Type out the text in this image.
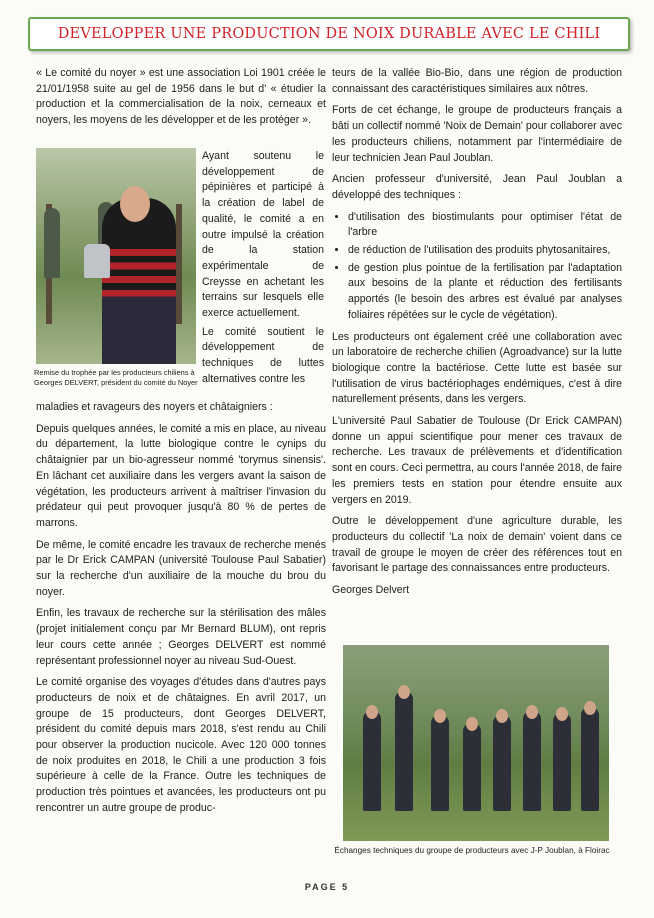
DEVELOPPER UNE PRODUCTION DE NOIX DURABLE AVEC LE CHILI

« Le comité du noyer » est une association Loi 1901 créée le 21/01/1958 suite au gel de 1956 dans le but d' « étudier la production et la commercialisation de la noix, cerneaux et noyers, les moyens de les développer et de les protéger ».

Remise du trophée par les producteurs chiliens à Georges DELVERT, président du comité du Noyer

Ayant soutenu le développement de pépinières et participé à la création de label de qualité, le comité a en outre impulsé la création de la station expérimentale de Creysse en achetant les terrains sur lesquels elle exerce actuellement.

Le comité soutient le développement de techniques de luttes alternatives contre les

maladies et ravageurs des noyers et châtaigniers :

Depuis quelques années, le comité a mis en place, au niveau du département, la lutte biologique contre le cynips du châtaignier par un bio-agresseur nommé 'torymus sinensis'. En lâchant cet auxiliaire dans les vergers avant la saison de végétation, les producteurs arrivent à maîtriser l'invasion du prédateur qui peut provoquer jusqu'à 80 % de pertes de marrons.

De même, le comité encadre les travaux de recherche menés par le Dr Erick CAMPAN (université Toulouse Paul Sabatier) sur la recherche d'un auxiliaire de la mouche du brou du noyer.

Enfin, les travaux de recherche sur la stérilisation des mâles (projet initialement conçu par Mr Bernard BLUM), ont repris leur cours cette année ; Georges DELVERT est nommé représentant professionnel noyer au niveau Sud-Ouest.

Le comité organise des voyages d'études dans d'autres pays producteurs de noix et de châtaignes. En avril 2017, un groupe de 15 producteurs, dont Georges DELVERT, président du comité depuis mars 2018, s'est rendu au Chili pour observer la production nucicole. Avec 120 000 tonnes de noix produites en 2018, le Chili a une production 3 fois supérieure à celle de la France. Outre les techniques de production très pointues et avancées, les producteurs ont pu rencontrer un autre groupe de produc-

teurs de la vallée Bio-Bio, dans une région de production connaissant des caractéristiques similaires aux nôtres.

Forts de cet échange, le groupe de producteurs français a bâti un collectif nommé 'Noix de Demain' pour collaborer avec les producteurs chiliens, notamment par l'intermédiaire de leur technicien Jean Paul Joublan.

Ancien professeur d'université, Jean Paul Joublan a développé des techniques :

• d'utilisation des biostimulants pour optimiser l'état de l'arbre
• de réduction de l'utilisation des produits phytosanitaires,
• de gestion plus pointue de la fertilisation par l'adaptation aux besoins de la plante et réduction des fertilisants apportés (le besoin des arbres est évalué par analyses foliaires répétées sur le cycle de végétation).

Les producteurs ont également créé une collaboration avec un laboratoire de recherche chilien (Agroadvance) sur la lutte biologique contre la bactériose. Cette lutte est basée sur l'utilisation de virus bactériophages endémiques, c'est à dire naturellement présents, dans les vergers.

L'université Paul Sabatier de Toulouse (Dr Erick CAMPAN) donne un appui scientifique pour mener ces travaux de recherche. Les travaux de prélèvements et d'identification sont en cours. Ceci permettra, au cours l'année 2018, de faire les premiers tests en station pour étendre ensuite aux vergers en 2019.

Outre le développement d'une agriculture durable, les producteurs du collectif 'La noix de demain' voient dans ce travail de groupe le moyen de créer des références tout en favorisant le partage des connaissances entre producteurs.

Georges Delvert

Échanges techniques du groupe de producteurs avec J-P Joublan, à Floirac
PAGE 5
